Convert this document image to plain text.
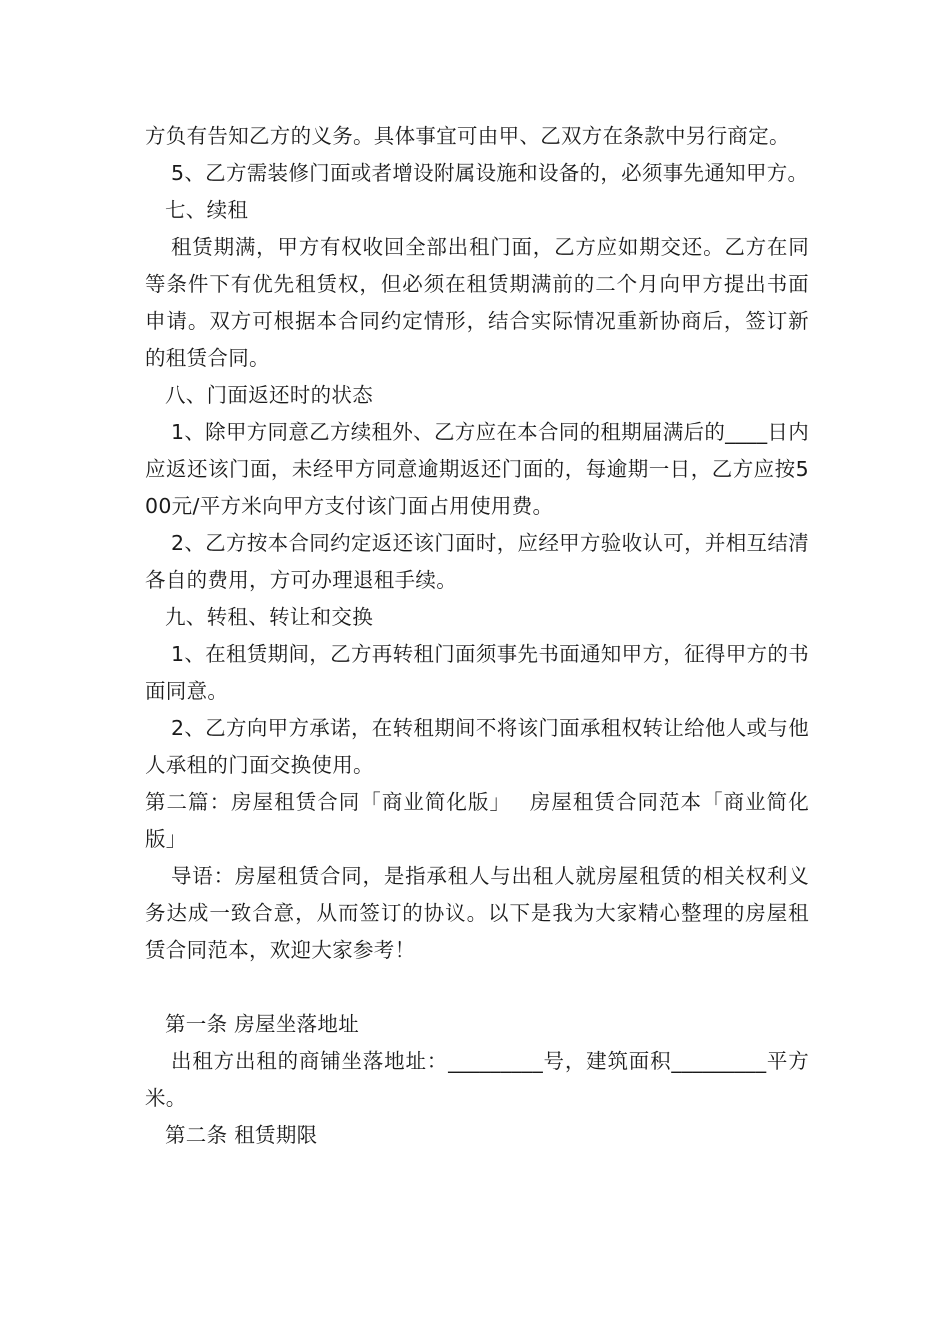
方负有告知乙方的义务。具体事宜可由甲、乙双方在条款中另行商定。

5、乙方需装修门面或者增设附属设施和设备的，必须事先通知甲方。

七、续租

租赁期满，甲方有权收回全部出租门面，乙方应如期交还。乙方在同等条件下有优先租赁权，但必须在租赁期满前的二个月向甲方提出书面申请。双方可根据本合同约定情形，结合实际情况重新协商后，签订新的租赁合同。

八、门面返还时的状态

1、除甲方同意乙方续租外、乙方应在本合同的租期届满后的____日内应返还该门面，未经甲方同意逾期返还门面的，每逾期一日，乙方应按500元/平方米向甲方支付该门面占用使用费。

2、乙方按本合同约定返还该门面时，应经甲方验收认可，并相互结清各自的费用，方可办理退租手续。

九、转租、转让和交换

1、在租赁期间，乙方再转租门面须事先书面通知甲方，征得甲方的书面同意。

2、乙方向甲方承诺，在转租期间不将该门面承租权转让给他人或与他人承租的门面交换使用。

第二篇：房屋租赁合同「商业简化版」　 房屋租赁合同范本「商业简化版」

导语：房屋租赁合同，是指承租人与出租人就房屋租赁的相关权利义务达成一致合意，从而签订的协议。以下是我为大家精心整理的房屋租赁合同范本，欢迎大家参考！

第一条 房屋坐落地址

出租方出租的商铺坐落地址：_________号，建筑面积_________平方米。

第二条 租赁期限
